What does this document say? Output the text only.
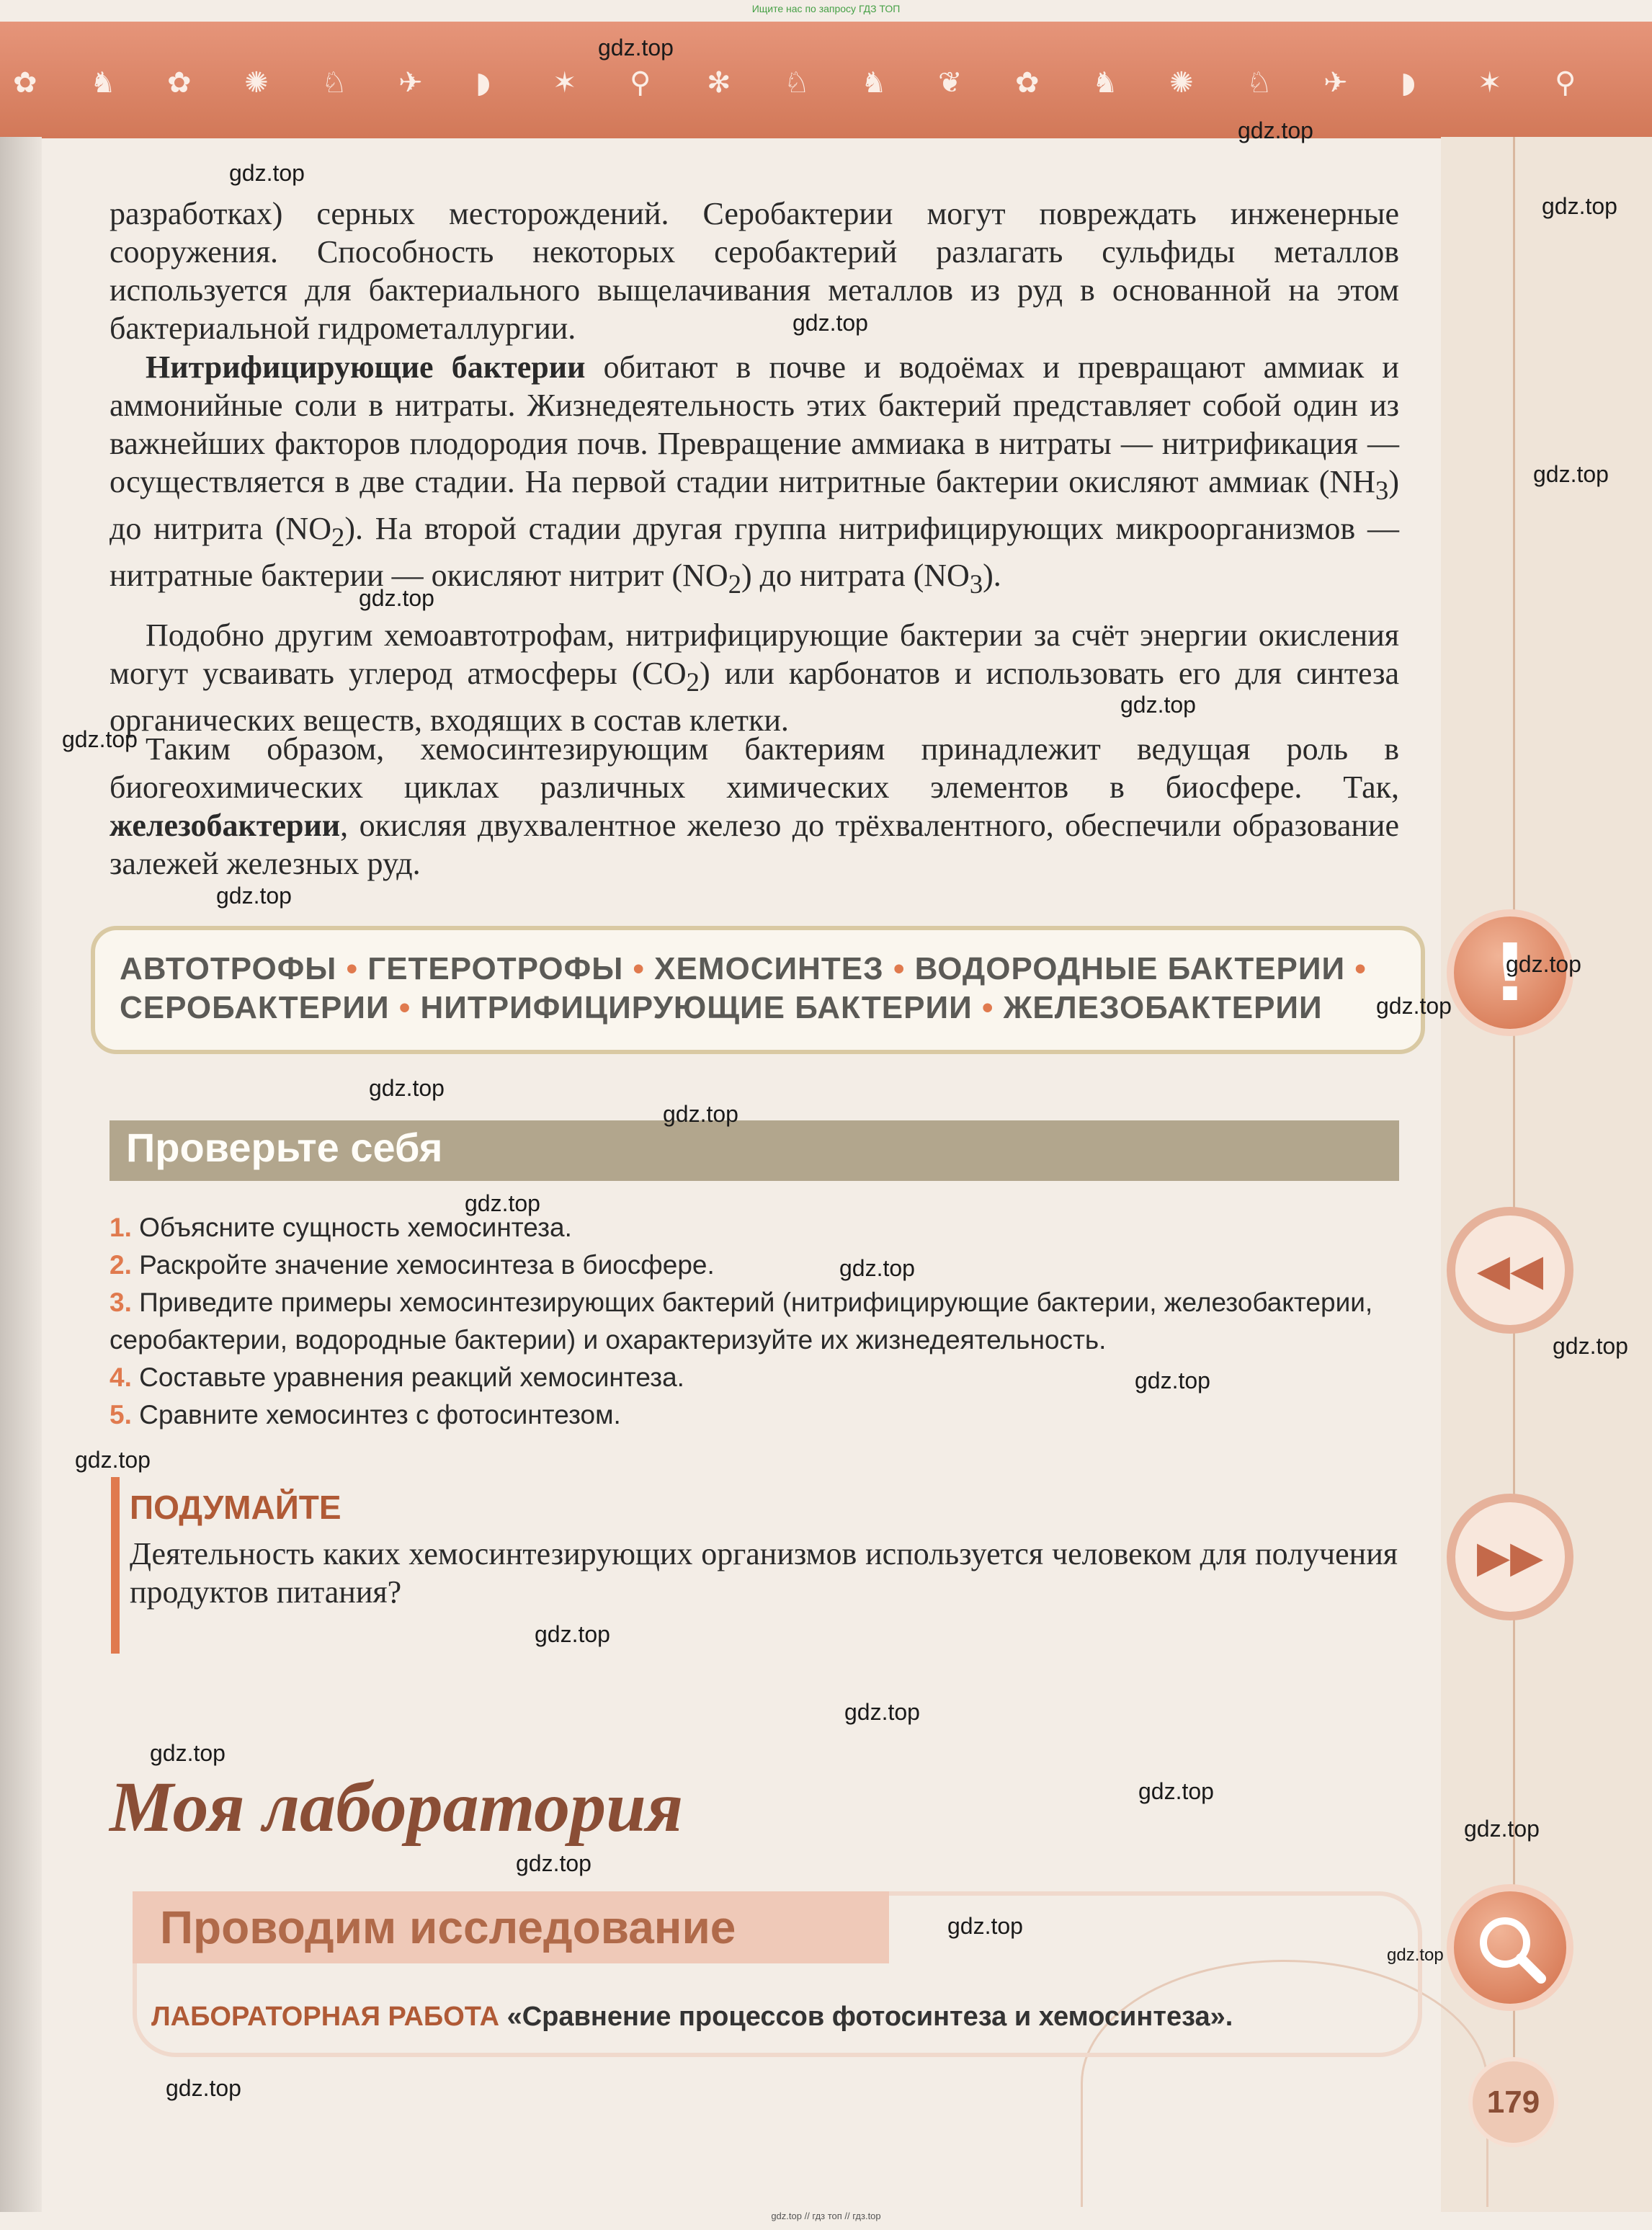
Ищите нас по запросу ГДЗ ТОП
✿ ♞ ✿ ✺ ♘ ✈ ◗ ✶ ⚲ ✻ ♘ ♞ ❦ ✿ ♞ ✺ ♘ ✈ ◗ ✶ ⚲

разработках) серных месторождений. Серобактерии могут повреждать инженерные сооружения. Способность некоторых серобактерий разлагать сульфиды металлов используется для бактериального выщелачивания металлов из руд в основанной на этом бактериальной гидрометаллургии.

Нитрифицирующие бактерии обитают в почве и водоёмах и превращают аммиак и аммонийные соли в нитраты. Жизнедеятельность этих бактерий представляет собой один из важнейших факторов плодородия почв. Превращение аммиака в нитраты — нитрификация — осуществляется в две стадии. На первой стадии нитритные бактерии окисляют аммиак $(NH_3)$ до нитрита $(NO_2)$. На второй стадии другая группа нитрифицирующих микроорганизмов — нитратные бактерии — окисляют нитрит $(NO_2)$ до нитрата $(NO_3)$.

Подобно другим хемоавтотрофам, нитрифицирующие бактерии за счёт энергии окисления могут усваивать углерод атмосферы $(CO_2)$ или карбонатов и использовать его для синтеза органических веществ, входящих в состав клетки.

Таким образом, хемосинтезирующим бактериям принадлежит ведущая роль в биогеохимических циклах различных химических элементов в биосфере. Так, железобактерии, окисляя двухвалентное железо до трёхвалентного, обеспечили образование залежей железных руд.

АВТОТРОФЫ • ГЕТЕРОТРОФЫ • ХЕМОСИНТЕЗ • ВОДОРОДНЫЕ БАКТЕРИИ •
СЕРОБАКТЕРИИ • НИТРИФИЦИРУЮЩИЕ БАКТЕРИИ • ЖЕЛЕЗОБАКТЕРИИ
Проверьте себя
1. Объясните сущность хемосинтеза.
2. Раскройте значение хемосинтеза в биосфере.
3. Приведите примеры хемосинтезирующих бактерий (нитрифицирующие бактерии, железобактерии, серобактерии, водородные бактерии) и охарактеризуйте их жизнедеятельность.
4. Составьте уравнения реакций хемосинтеза.
5. Сравните хемосинтез с фотосинтезом.
ПОДУМАЙТЕ
Деятельность каких хемосинтезирующих организмов используется человеком для получения продуктов питания?
Моя лаборатория
Проводим исследование
ЛАБОРАТОРНАЯ РАБОТА «Сравнение процессов фотосинтеза и хемосинтеза».
!
◀◀
▶▶
179
gdz.top
gdz.top
gdz.top
gdz.top
gdz.top
gdz.top
gdz.top
gdz.top
gdz.top
gdz.top
gdz.top
gdz.top
gdz.top
gdz.top
gdz.top
gdz.top
gdz.top
gdz.top
gdz.top
gdz.top
gdz.top
gdz.top
gdz.top
gdz.top
gdz.top
gdz.top
gdz.top
gdz.top
gdz.top // гдз топ // гдз.top
